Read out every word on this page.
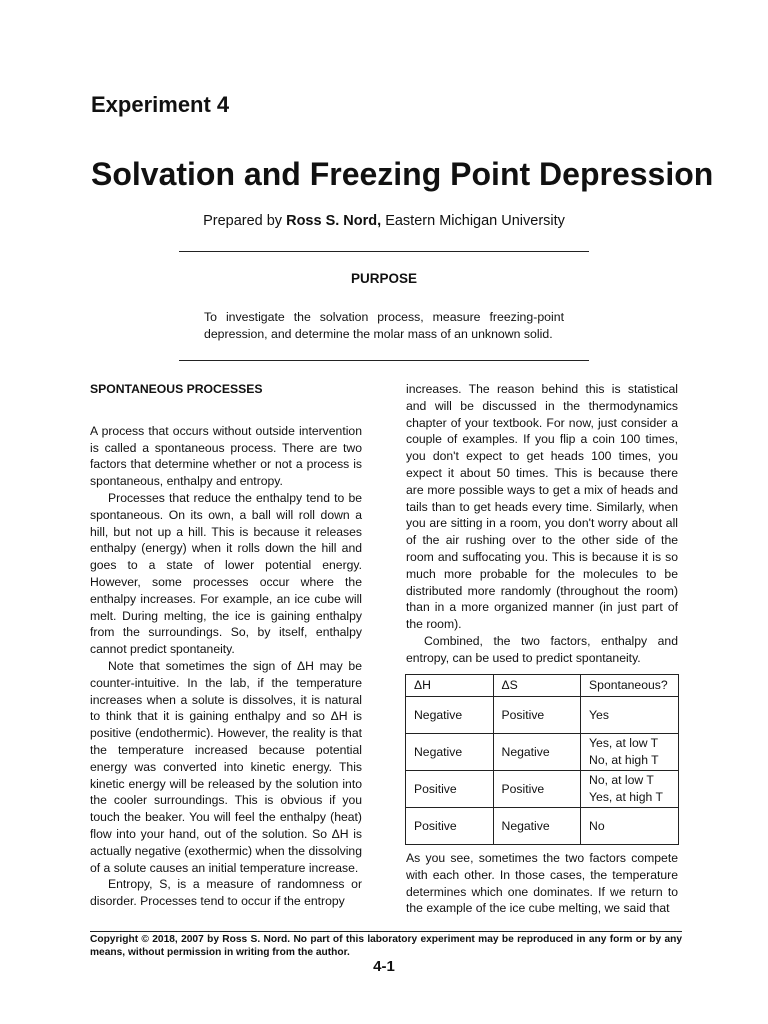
Experiment 4
Solvation and Freezing Point Depression
Prepared by Ross S. Nord, Eastern Michigan University
PURPOSE
To investigate the solvation process, measure freezing-point depression, and determine the molar mass of an unknown solid.

SPONTANEOUS PROCESSES

A process that occurs without outside intervention is called a spontaneous process. There are two factors that determine whether or not a process is spontaneous, enthalpy and entropy.

Processes that reduce the enthalpy tend to be spontaneous. On its own, a ball will roll down a hill, but not up a hill. This is because it releases enthalpy (energy) when it rolls down the hill and goes to a state of lower potential energy. However, some processes occur where the enthalpy increases. For example, an ice cube will melt. During melting, the ice is gaining enthalpy from the surroundings. So, by itself, enthalpy cannot predict spontaneity.

Note that sometimes the sign of ΔH may be counter-intuitive. In the lab, if the temperature increases when a solute is dissolves, it is natural to think that it is gaining enthalpy and so ΔH is positive (endothermic). However, the reality is that the temperature increased because potential energy was converted into kinetic energy. This kinetic energy will be released by the solution into the cooler surroundings. This is obvious if you touch the beaker. You will feel the enthalpy (heat) flow into your hand, out of the solution. So ΔH is actually negative (exothermic) when the dissolving of a solute causes an initial temperature increase.

Entropy, S, is a measure of randomness or disorder. Processes tend to occur if the entropy

increases. The reason behind this is statistical and will be discussed in the thermodynamics chapter of your textbook. For now, just consider a couple of examples. If you flip a coin 100 times, you don't expect to get heads 100 times, you expect it about 50 times. This is because there are more possible ways to get a mix of heads and tails than to get heads every time. Similarly, when you are sitting in a room, you don't worry about all of the air rushing over to the other side of the room and suffocating you. This is because it is so much more probable for the molecules to be distributed more randomly (throughout the room) than in a more organized manner (in just part of the room).

Combined, the two factors, enthalpy and entropy, can be used to predict spontaneity.

ΔH	ΔS	Spontaneous?
Negative	Positive	Yes
Negative	Negative	Yes, at low T
No, at high T

Positive	Positive	No, at low T
Yes, at high T

Positive	Negative	No

As you see, sometimes the two factors compete with each other. In those cases, the temperature determines which one dominates. If we return to the example of the ice cube melting, we said that

Copyright © 2018, 2007 by Ross S. Nord. No part of this laboratory experiment may be reproduced in any form or by any means, without permission in writing from the author.
4-1
